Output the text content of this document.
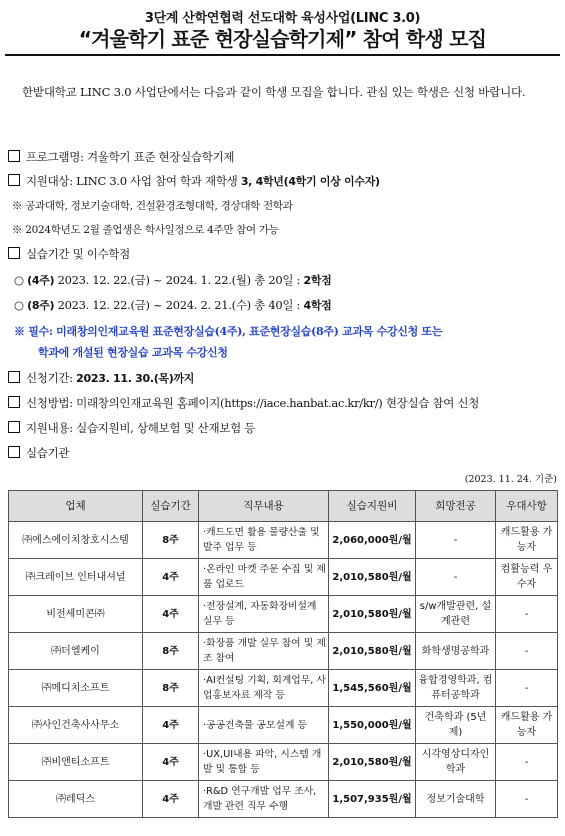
3단계 산학연협력 선도대학 육성사업(LINC 3.0)
“겨울학기 표준 현장실습학기제” 참여 학생 모집
한밭대학교 LINC 3.0 사업단에서는 다음과 같이 학생 모집을 합니다. 관심 있는 학생은 신청 바랍니다.
프로그램명: 겨울학기 표준 현장실습학기제
지원대상: LINC 3.0 사업 참여 학과 재학생 3, 4학년(4학기 이상 이수자)
※ 공과대학, 정보기술대학, 건설환경조형대학, 경상대학 전학과
※ 2024학년도 2월 졸업생은 학사일정으로 4주만 참여 가능
실습기간 및 이수학점
○ (4주) 2023. 12. 22.(금) ~ 2024. 1. 22.(월) 총 20일 : 2학점
○ (8주) 2023. 12. 22.(금) ~ 2024. 2. 21.(수) 총 40일 : 4학점
※ 필수: 미래창의인재교육원 표준현장실습(4주), 표준현장실습(8주) 교과목 수강신청 또는
학과에 개설된 현장실습 교과목 수강신청
신청기간: 2023. 11. 30.(목)까지
신청방법: 미래창의인재교육원 홈페이지(https://iace.hanbat.ac.kr/kr/) 현장실습 참여 신청
지원내용: 실습지원비, 상해보험 및 산재보험 등
실습기관
(2023. 11. 24. 기준)
업체	실습기간	직무내용	실습지원비	희망전공	우대사항
㈜에스에이치창호시스템	8주	·캐드도면 활용 물량산출 및 발주 업무 등	2,060,000원/월	-	캐드활용 가능자
㈜크레이브 인터내셔널	4주	·온라인 마켓 주문 수집 및 제품 업로드	2,010,580원/월	-	컴활능력 우수자
비전세미콘㈜	4주	·전장설계, 자동화장비설계 실무 등	2,010,580원/월	s/w개발관련, 설계관련	-
㈜더엘케이	8주	·화장품 개발 실무 참여 및 제조 참여	2,010,580원/월	화학생명공학과	-
㈜메디치소프트	8주	·AI컨설팅 기획, 회계업무, 사업홍보자료 제작 등	1,545,560원/월	융합경영학과, 컴퓨터공학과	-
㈜사인건축사사무소	4주	·공공건축물 공모설계 등	1,550,000원/월	건축학과 (5년제)	캐드활용 가능자
㈜비앤티소프트	4주	·UX,UI내용 파악, 시스템 개발 및 통합 등	2,010,580원/월	시각영상디자인학과	-
㈜레딕스	4주	·R&D 연구개발 업무 조사, 개발 관련 직무 수행	1,507,935원/월	정보기술대학	-
